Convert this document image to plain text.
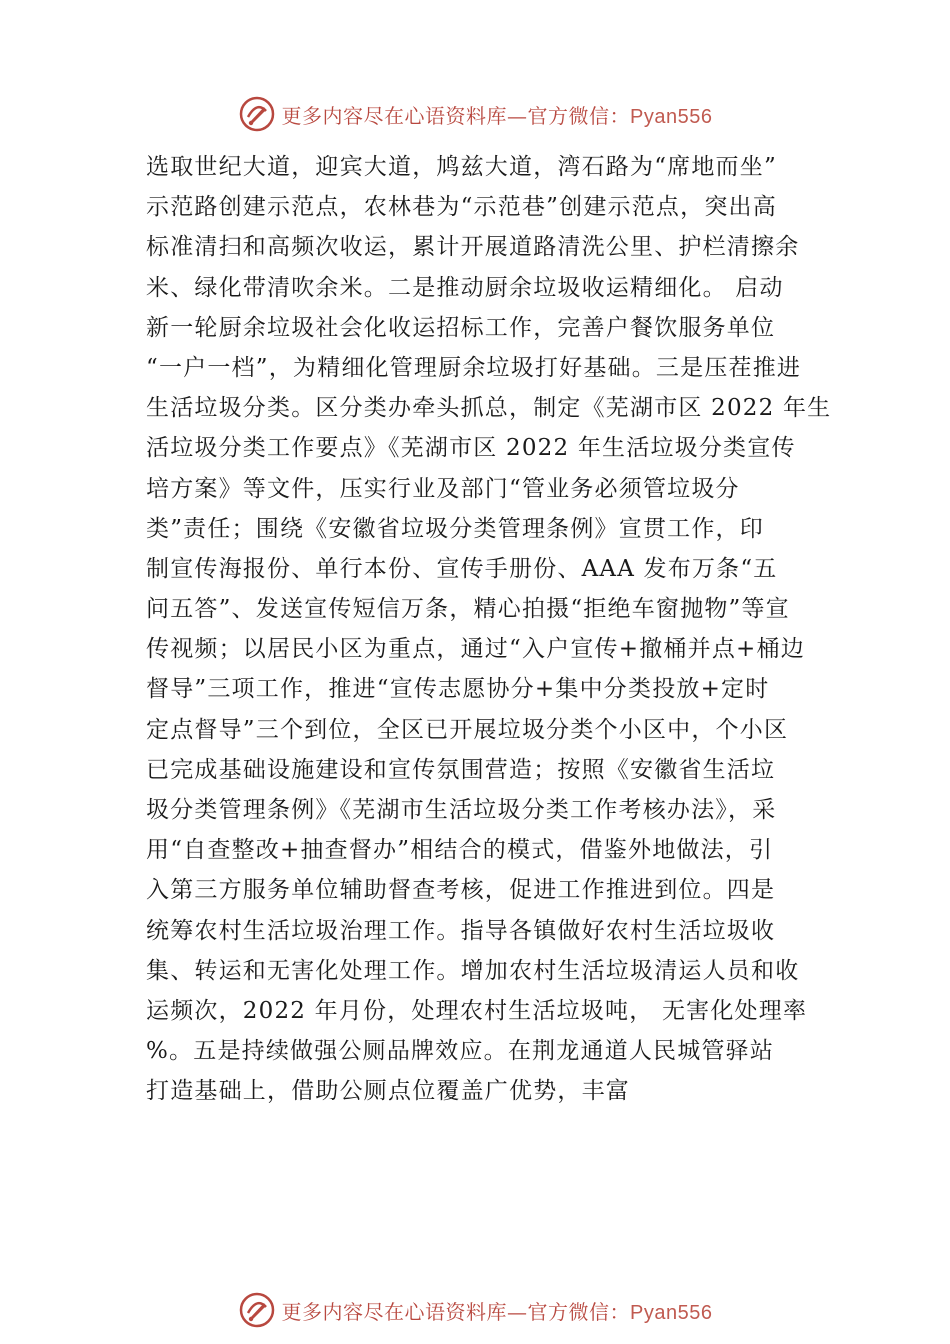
更多内容尽在心语资料库—官方微信：Pyan556
选取世纪大道，迎宾大道，鸠兹大道，湾石路为“席地而坐”
示范路创建示范点，农林巷为“示范巷”创建示范点，突出高
标准清扫和高频次收运，累计开展道路清洗公里、护栏清擦余
米、绿化带清吹余米。二是推动厨余垃圾收运精细化。 启动
新一轮厨余垃圾社会化收运招标工作，完善户餐饮服务单位
“一户一档”，为精细化管理厨余垃圾打好基础。三是压茬推进
生活垃圾分类。区分类办牵头抓总，制定《芜湖市区 2022 年生
活垃圾分类工作要点》《芜湖市区 2022 年生活垃圾分类宣传
培方案》等文件，压实行业及部门“管业务必须管垃圾分
类”责任；围绕《安徽省垃圾分类管理条例》宣贯工作，印
制宣传海报份、单行本份、宣传手册份、AAA 发布万条“五
问五答”、发送宣传短信万条，精心拍摄“拒绝车窗抛物”等宣
传视频；以居民小区为重点，通过“入户宣传+撤桶并点+桶边
督导”三项工作，推进“宣传志愿协分+集中分类投放+定时
定点督导”三个到位，全区已开展垃圾分类个小区中，个小区
已完成基础设施建设和宣传氛围营造；按照《安徽省生活垃
圾分类管理条例》《芜湖市生活垃圾分类工作考核办法》，采
用“自查整改+抽查督办”相结合的模式，借鉴外地做法，引
入第三方服务单位辅助督查考核，促进工作推进到位。四是
统筹农村生活垃圾治理工作。指导各镇做好农村生活垃圾收
集、转运和无害化处理工作。增加农村生活垃圾清运人员和收
运频次，2022 年月份，处理农村生活垃圾吨， 无害化处理率
%。五是持续做强公厕品牌效应。在荆龙通道人民城管驿站
打造基础上，借助公厕点位覆盖广优势，丰富
更多内容尽在心语资料库—官方微信：Pyan556
